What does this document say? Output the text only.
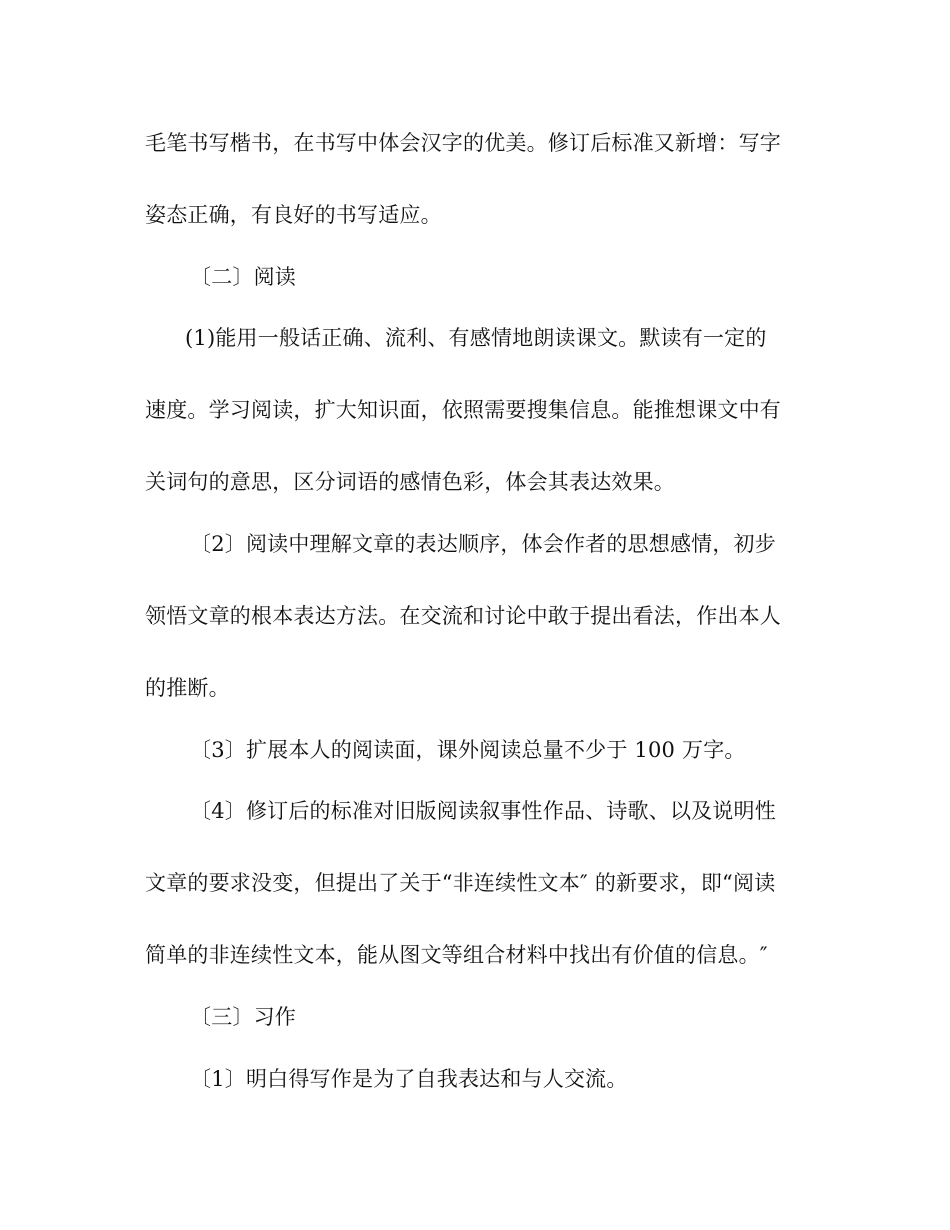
毛笔书写楷书，在书写中体会汉字的优美。修订后标准又新增：写字
姿态正确，有良好的书写适应。
〔二〕阅读
(1)能用一般话正确、流利、有感情地朗读课文。默读有一定的
速度。学习阅读，扩大知识面，依照需要搜集信息。能推想课文中有
关词句的意思，区分词语的感情色彩，体会其表达效果。
〔2〕阅读中理解文章的表达顺序，体会作者的思想感情，初步
领悟文章的根本表达方法。在交流和讨论中敢于提出看法，作出本人
的推断。
〔3〕扩展本人的阅读面，课外阅读总量不少于 100 万字。
〔4〕修订后的标准对旧版阅读叙事性作品、诗歌、以及说明性
文章的要求没变，但提出了关于“非连续性文本″ 的新要求，即“阅读
简单的非连续性文本，能从图文等组合材料中找出有价值的信息。″
〔三〕习作
〔1〕明白得写作是为了自我表达和与人交流。
